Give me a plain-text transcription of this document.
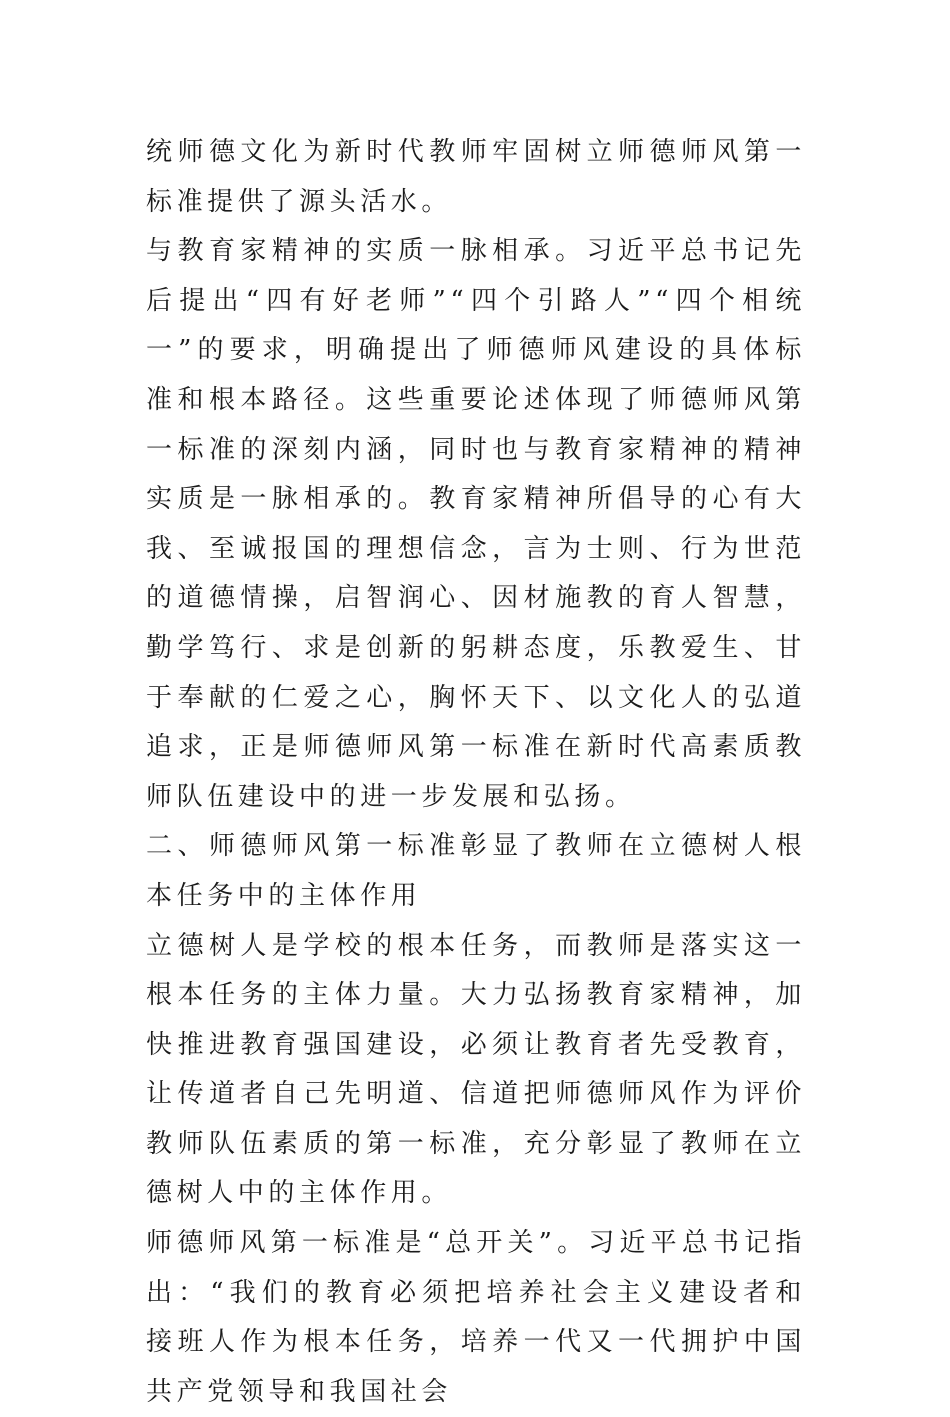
统师德文化为新时代教师牢固树立师德师风第一标准提供了源头活水。

与教育家精神的实质一脉相承。习近平总书记先后提出“四有好老师”“四个引路人”“四个相统一”的要求，明确提出了师德师风建设的具体标准和根本路径。这些重要论述体现了师德师风第一标准的深刻内涵，同时也与教育家精神的精神实质是一脉相承的。教育家精神所倡导的心有大我、至诚报国的理想信念，言为士则、行为世范的道德情操，启智润心、因材施教的育人智慧，勤学笃行、求是创新的躬耕态度，乐教爱生、甘于奉献的仁爱之心，胸怀天下、以文化人的弘道追求，正是师德师风第一标准在新时代高素质教师队伍建设中的进一步发展和弘扬。

二、师德师风第一标准彰显了教师在立德树人根本任务中的主体作用

立德树人是学校的根本任务，而教师是落实这一根本任务的主体力量。大力弘扬教育家精神，加快推进教育强国建设，必须让教育者先受教育，让传道者自己先明道、信道把师德师风作为评价教师队伍素质的第一标准，充分彰显了教师在立德树人中的主体作用。

师德师风第一标准是“总开关”。习近平总书记指出：“我们的教育必须把培养社会主义建设者和接班人作为根本任务，培养一代又一代拥护中国共产党领导和我国社会
